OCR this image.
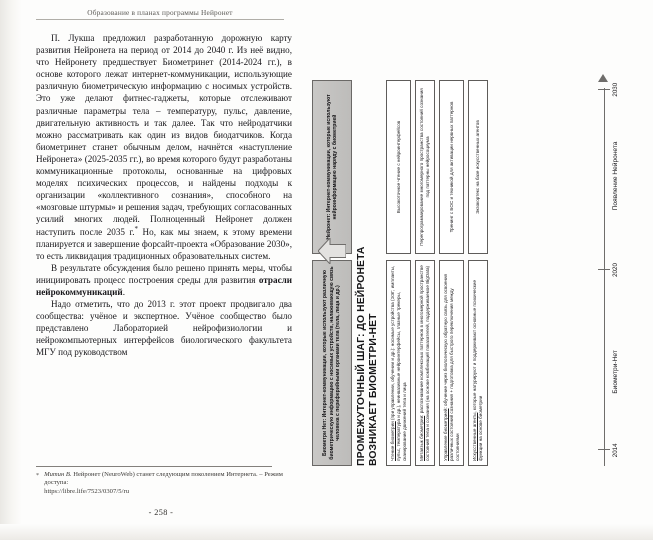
Образование в планах программы Нейронет

П. Лукша предложил разработанную дорожную карту развития Нейронета на период от 2014 до 2040 г. Из неё видно, что Нейронету предшествует Биометринет (2014-2024 гг.), в основе которого лежат интернет-коммуникации, использующие различную биометрическую информацию с носимых устройств. Это уже делают фитнес-гаджеты, которые отслеживают различные параметры тела – температуру, пульс, давление, двигательную активность и так далее. Так что нейродатчики можно рассматривать как один из видов биодатчиков. Когда биометринет станет обычным делом, начнётся «наступление Нейронета» (2025-2035 гг.), во время которого будут разработаны коммуникационные протоколы, основанные на цифровых моделях психических процессов, и найдены подходы к организации «коллективного сознания», способного на «мозговые штурмы» и решения задач, требующих согласованных усилий многих людей. Полноценный Нейронет должен наступить после 2035 г.* Но, как мы знаем, к этому времени планируется и завершение форсайт-проекта «Образование 2030», то есть ликвидация традиционных образовательных систем.

В результате обсуждения было решено принять меры, чтобы инициировать процесс построения среды для развития отрасли нейрокоммуникаций.

Надо отметить, что до 2013 г. этот проект продвигало два сообщества: учёное и экспертное. Учёное сообщество было представлено Лабораторией нейрофизиологии и нейрокомпьютерных интерфейсов биологического факультета МГУ под руководством

* Митин В. Нейронет (NeuroWeb) станет следующим поколением Интернета. – Режим доступа:
https://libre.life/7523/0307/5/ru
- 258 -
Биометри Нет: Интернет-коммуникации, которые используют различную биометрическую информацию с носимых устройств, налаживающую связь человека с периферийными органами тела (тела, лица и др.)
Нейронет: Интернет-коммуникации, которые используют нейроинформацию наряду с биометрией
ПРОМЕЖУТОЧНЫЙ ШАГ: ДО НЕЙРОНЕТА ВОЗНИКАЕТ БИОМЕТРИ-НЕТ Чтение биометрии (при управлении, обучении и др.): носимые устройства (ЭЭГ, импланты, пульс, температура и др.), неинвазивные нейроинтерфейсы, глазные трекеры, сканирование движений тела и лица
Высокоточное чтение с нейроинтерфейсов
Метаязык биометрии: распознавание комплексных паттернов в многомерной пространстве состояний тела и сознания (на основе комбинаций показателей, поддерживаемое BigData)
Перепрограммирование многомерного пространства состояний сознания под паттерны нейросоциума
Управление биометрией: обучение через биологическую обратную связь для освоения различных состояний сознания + подготовка для быстрого переключения между состояниями
Тренинг с БОС и техникой для активации нервных паттернов
Искусственные агенты, которые натурируют и поддерживают основные психические функции на основе биометрии
Экзокортекс на базе искусственных агентов
2014
2020
2030
Биометри-Нет
Появление Нейронета
